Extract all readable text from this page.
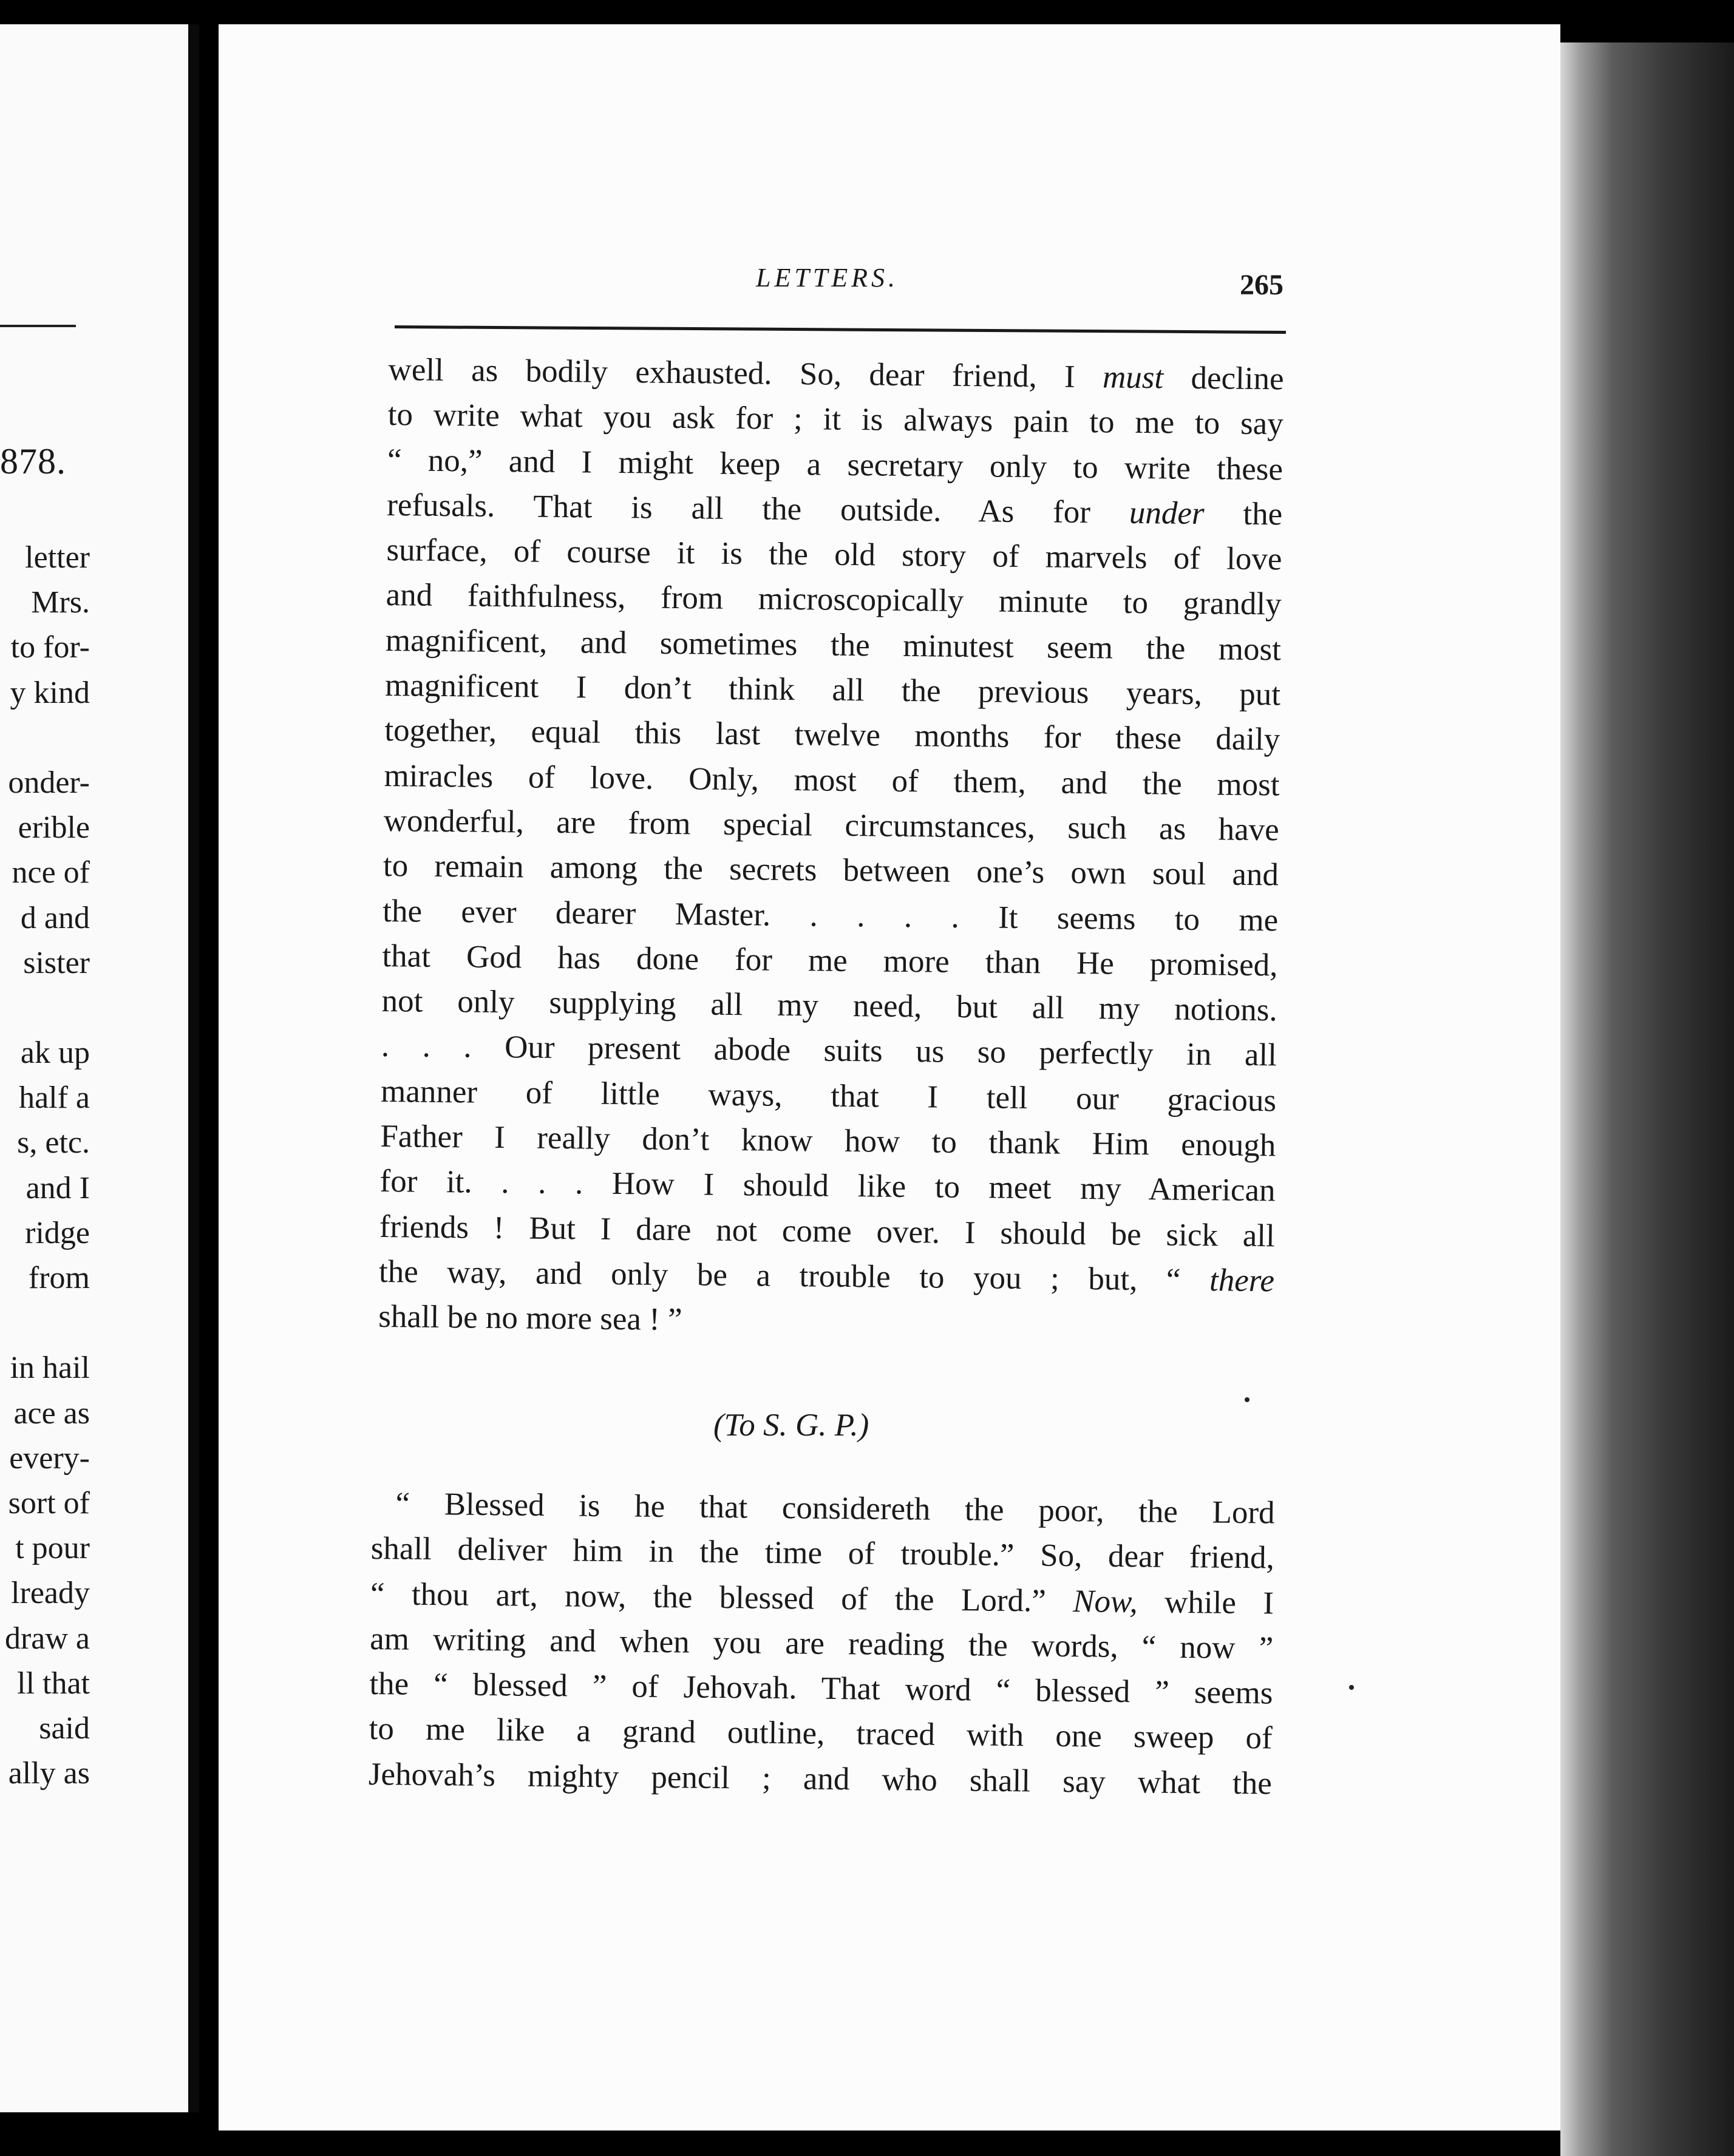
878.
letter
Mrs.
to for-
y kind
onder-
erible
nce of
d and
sister
ak up
half a
s, etc.
and I
ridge
from
in hail
ace as
every-
sort of
t pour
lready
draw a
ll that
said
ally as
LETTERS.	265
well as bodily exhausted. So, dear friend, I must decline
to write what you ask for ; it is always pain to me to say
“ no,” and I might keep a secretary only to write these
refusals. That is all the outside. As for under the
surface, of course it is the old story of marvels of love
and faithfulness, from microscopically minute to grandly
magnificent, and sometimes the minutest seem the most
magnificent I don’t think all the previous years, put
together, equal this last twelve months for these daily
miracles of love. Only, most of them, and the most
wonderful, are from special circumstances, such as have
to remain among the secrets between one’s own soul and
the ever dearer Master. . . . . It seems to me
that God has done for me more than He promised,
not only supplying all my need, but all my notions.
. . . Our present abode suits us so perfectly in all
manner of little ways, that I tell our gracious
Father I really don’t know how to thank Him enough
for it. . . . How I should like to meet my American
friends ! But I dare not come over. I should be sick all
the way, and only be a trouble to you ; but, “ there
shall be no more sea ! ”
(To S. G. P.)
“ Blessed is he that considereth the poor, the Lord
shall deliver him in the time of trouble.” So, dear friend,
“ thou art, now, the blessed of the Lord.” Now, while I
am writing and when you are reading the words, “ now ”
the “ blessed ” of Jehovah. That word “ blessed ” seems
to me like a grand outline, traced with one sweep of
Jehovah’s mighty pencil ; and who shall say what the
